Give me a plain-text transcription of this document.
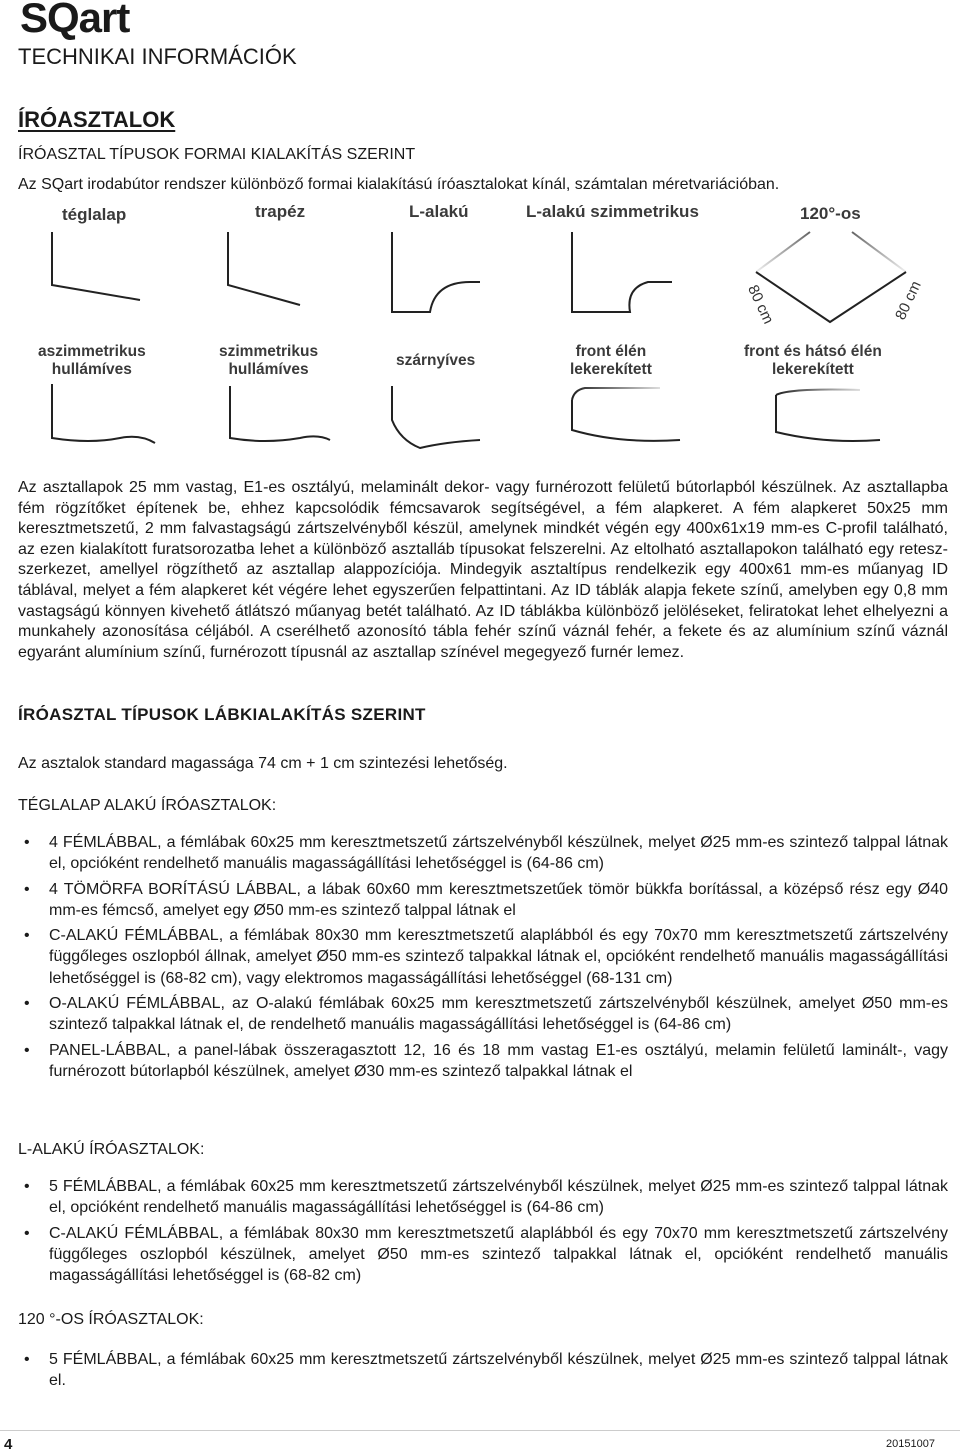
SQart
TECHNIKAI INFORMÁCIÓK
ÍRÓASZTALOK
ÍRÓASZTAL TÍPUSOK FORMAI KIALAKÍTÁS SZERINT
Az SQart irodabútor rendszer különböző formai kialakítású íróasztalokat kínál, számtalan méretvariációban.
téglalap	trapéz	L-alakú	L-alakú szimmetrikus	120°-os
80 cm	80 cm
aszimmetrikus
hullámíves
szimmetrikus
hullámíves
szárnyíves
front élén
lekerekített
front és hátsó élén
lekerekített
Az asztallapok 25 mm vastag, E1-es osztályú, melaminált dekor- vagy furnérozott felületű bútorlapból készülnek. Az asztallapba fém rögzítőket építenek be, ehhez kapcsolódik fémcsavarok segítségével, a fém alapkeret. A fém alapkeret 50x25 mm keresztmetszetű, 2 mm falvastagságú zártszelvényből készül, amelynek mindkét végén egy 400x61x19 mm-es C-profil található, az ezen kialakított furatsorozatba lehet a különböző asztalláb típusokat felszerelni. Az eltolható asztallapokon található egy retesz-szerkezet, amellyel rögzíthető az asztallap alappozíciója. Mindegyik asztaltípus rendelkezik egy 400x61 mm-es műanyag ID táblával, melyet a fém alapkeret két végére lehet egyszerűen felpattintani. Az ID táblák alapja fekete színű, amelyben egy 0,8 mm vastagságú könnyen kivehető átlátszó műanyag betét található. Az ID táblákba különböző jelöléseket, feliratokat lehet elhelyezni a munkahely azonosítása céljából. A cserélhető azonosító tábla fehér színű váznál fehér, a fekete és az alumínium színű váznál egyaránt alumínium színű, furnérozott típusnál az asztallap színével megegyező furnér lemez.
ÍRÓASZTAL TÍPUSOK LÁBKIALAKÍTÁS SZERINT
Az asztalok standard magassága 74 cm + 1 cm szintezési lehetőség.
TÉGLALAP ALAKÚ ÍRÓASZTALOK:
• 4 FÉMLÁBBAL, a fémlábak 60x25 mm keresztmetszetű zártszelvényből készülnek, melyet Ø25 mm-es szintező talppal látnak el, opcióként rendelhető manuális magasságállítási lehetőséggel is (64-86 cm)
• 4 TÖMÖRFA BORÍTÁSÚ LÁBBAL, a lábak 60x60 mm keresztmetszetűek tömör bükkfa borítással, a középső rész egy Ø40 mm-es fémcső, amelyet egy Ø50 mm-es szintező talppal látnak el
• C-ALAKÚ FÉMLÁBBAL, a fémlábak 80x30 mm keresztmetszetű alaplábból és egy 70x70 mm keresztmetszetű zártszelvény függőleges oszlopból állnak, amelyet Ø50 mm-es szintező talpakkal látnak el, opcióként rendelhető manuális magasságállítási lehetőséggel is (68-82 cm), vagy elektromos magasságállítási lehetőséggel (68-131 cm)
• O-ALAKÚ FÉMLÁBBAL, az O-alakú fémlábak 60x25 mm keresztmetszetű zártszelvényből készülnek, amelyet Ø50 mm-es szintező talpakkal látnak el, de rendelhető manuális magasságállítási lehetőséggel is (64-86 cm)
• PANEL-LÁBBAL, a panel-lábak összeragasztott 12, 16 és 18 mm vastag E1-es osztályú, melamin felületű laminált-, vagy furnérozott bútorlapból készülnek, amelyet Ø30 mm-es szintező talpakkal látnak el
L-ALAKÚ ÍRÓASZTALOK:
• 5 FÉMLÁBBAL, a fémlábak 60x25 mm keresztmetszetű zártszelvényből készülnek, melyet Ø25 mm-es szintező talppal látnak el, opcióként rendelhető manuális magasságállítási lehetőséggel is (64-86 cm)
• C-ALAKÚ FÉMLÁBBAL, a fémlábak 80x30 mm keresztmetszetű alaplábból és egy 70x70 mm keresztmetszetű zártszelvény függőleges oszlopból készülnek, amelyet Ø50 mm-es szintező talpakkal látnak el, opcióként rendelhető manuális magasságállítási lehetőséggel is (68-82 cm)
120 °-OS ÍRÓASZTALOK:
• 5 FÉMLÁBBAL, a fémlábak 60x25 mm keresztmetszetű zártszelvényből készülnek, melyet Ø25 mm-es szintező talppal látnak el.
4	20151007
